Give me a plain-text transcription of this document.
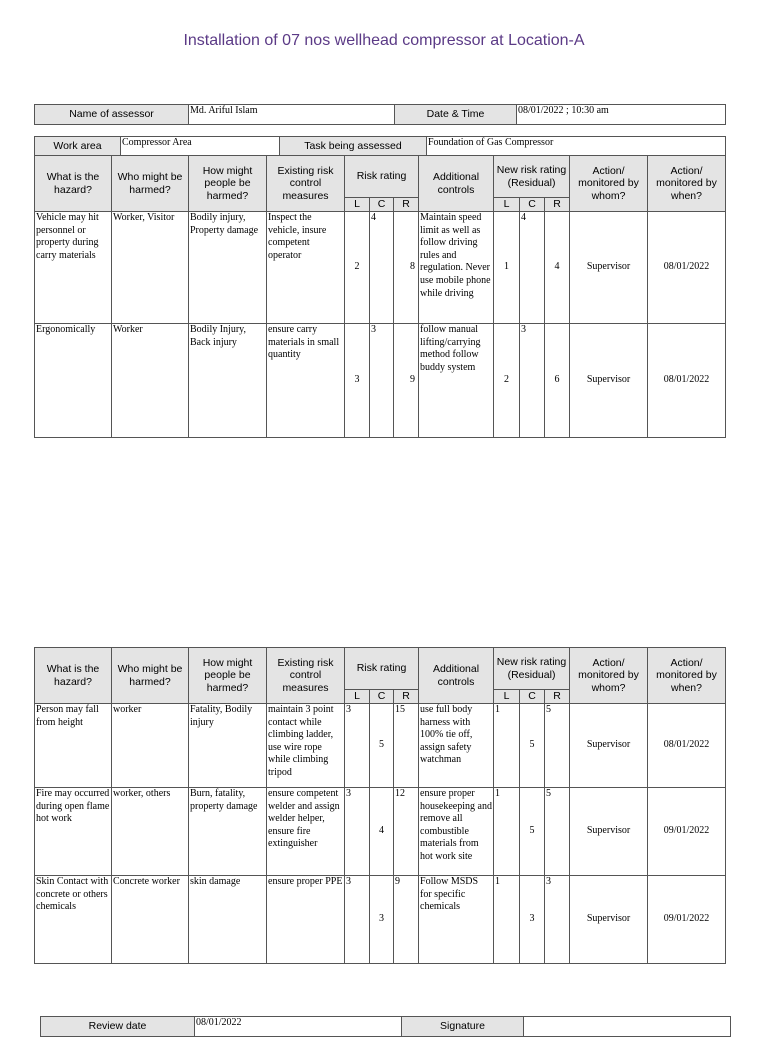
Installation of 07 nos wellhead compressor at Location-A
Name of assessor	Md. Ariful Islam	Date & Time	08/01/2022 ; 10:30 am
Work area	Compressor Area	Task being assessed	Foundation of Gas Compressor
What is the hazard?	Who might be harmed?	How might people be harmed?	Existing risk control measures	Risk rating			Additional controls	New risk rating (Residual)			Action/ monitored by whom?	Action/ monitored by when?
				L	C	R		L	C	R		
Vehicle may hit personnel or property during carry materials	Worker, Visitor	Bodily injury, Property damage	Inspect the vehicle, insure competent operator	2	4	8	Maintain speed limit as well as follow driving rules and regulation. Never use mobile phone while driving	1	4	4	Supervisor	08/01/2022
Ergonomically	Worker	Bodily Injury, Back injury	ensure carry materials in small quantity	3	3	9	follow manual lifting/carrying method follow buddy system	2	3	6	Supervisor	08/01/2022
What is the hazard?	Who might be harmed?	How might people be harmed?	Existing risk control measures	Risk rating			Additional controls	New risk rating (Residual)			Action/ monitored by whom?	Action/ monitored by when?
				L	C	R		L	C	R		
Person may fall from height	worker	Fatality, Bodily injury	maintain 3 point contact while climbing ladder, use wire rope while climbing tripod	3	5	15	use full body harness with 100% tie off, assign safety watchman	1	5	5	Supervisor	08/01/2022
Fire may occurred during open flame hot work	worker, others	Burn, fatality, property damage	ensure competent welder and assign welder helper, ensure fire extinguisher	3	4	12	ensure proper housekeeping and remove all combustible materials from hot work site	1	5	5	Supervisor	09/01/2022
Skin Contact with concrete or others chemicals	Concrete worker	skin damage	ensure proper PPE	3	3	9	Follow MSDS for specific chemicals	1	3	3	Supervisor	09/01/2022
Review date	08/01/2022	Signature	
